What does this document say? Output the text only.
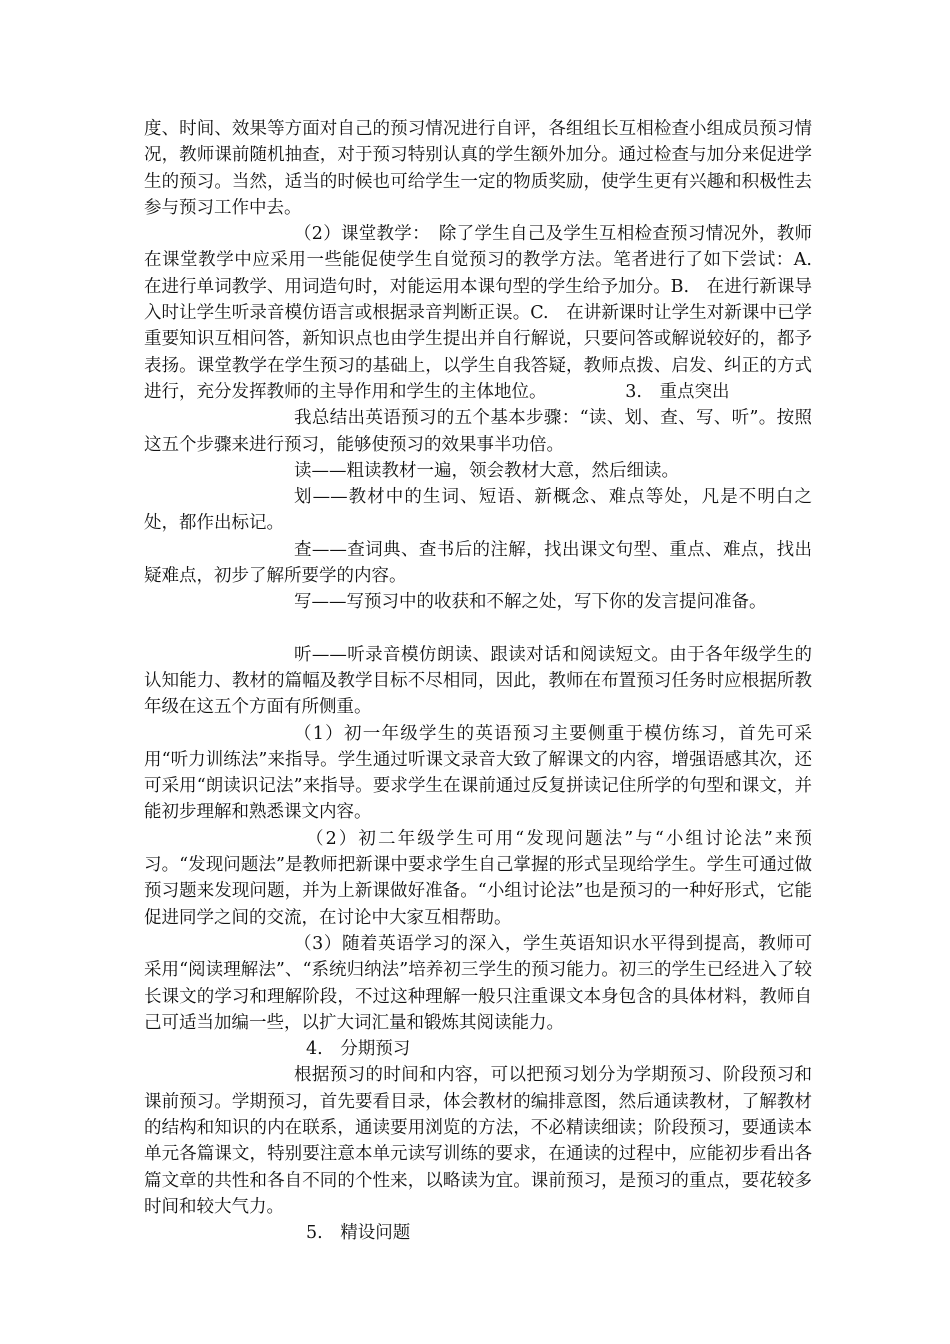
度、时间、效果等方面对自己的预习情况进行自评，各组组长互相检查小组成员预习情况，教师课前随机抽查，对于预习特别认真的学生额外加分。通过检查与加分来促进学生的预习。当然，适当的时候也可给学生一定的物质奖励，使学生更有兴趣和积极性去参与预习工作中去。

（2）课堂教学：　除了学生自己及学生互相检查预习情况外，教师在课堂教学中应采用一些能促使学生自觉预习的教学方法。笔者进行了如下尝试：A.　在进行单词教学、用词造句时，对能运用本课句型的学生给予加分。B.　在进行新课导入时让学生听录音模仿语言或根据录音判断正误。C.　在讲新课时让学生对新课中已学重要知识互相问答，新知识点也由学生提出并自行解说，只要问答或解说较好的，都予表扬。课堂教学在学生预习的基础上，以学生自我答疑，教师点拨、启发、纠正的方式进行，充分发挥教师的主导作用和学生的主体地位。　　　　　3.　重点突出

我总结出英语预习的五个基本步骤：“读、划、查、写、听”。按照这五个步骤来进行预习，能够使预习的效果事半功倍。

读——粗读教材一遍，领会教材大意，然后细读。

划——教材中的生词、短语、新概念、难点等处，凡是不明白之处，都作出标记。

查——查词典、查书后的注解，找出课文句型、重点、难点，找出疑难点，初步了解所要学的内容。

写——写预习中的收获和不解之处，写下你的发言提问准备。

听——听录音模仿朗读、跟读对话和阅读短文。由于各年级学生的认知能力、教材的篇幅及教学目标不尽相同，因此，教师在布置预习任务时应根据所教年级在这五个方面有所侧重。

（1）初一年级学生的英语预习主要侧重于模仿练习，首先可采用“听力训练法”来指导。学生通过听课文录音大致了解课文的内容，增强语感其次，还可采用“朗读识记法”来指导。要求学生在课前通过反复拼读记住所学的句型和课文，并能初步理解和熟悉课文内容。

（2）初二年级学生可用“发现问题法”与“小组讨论法”来预习。“发现问题法”是教师把新课中要求学生自己掌握的形式呈现给学生。学生可通过做预习题来发现问题，并为上新课做好准备。“小组讨论法”也是预习的一种好形式，它能促进同学之间的交流，在讨论中大家互相帮助。

（3）随着英语学习的深入，学生英语知识水平得到提高，教师可采用“阅读理解法”、“系统归纳法”培养初三学生的预习能力。初三的学生已经进入了较长课文的学习和理解阶段，不过这种理解一般只注重课文本身包含的具体材料，教师自己可适当加编一些，以扩大词汇量和锻炼其阅读能力。

4.　分期预习

根据预习的时间和内容，可以把预习划分为学期预习、阶段预习和课前预习。学期预习，首先要看目录，体会教材的编排意图，然后通读教材，了解教材的结构和知识的内在联系，通读要用浏览的方法，不必精读细读；阶段预习，要通读本单元各篇课文，特别要注意本单元读写训练的要求，在通读的过程中，应能初步看出各篇文章的共性和各自不同的个性来，以略读为宜。课前预习，是预习的重点，要花较多时间和较大气力。

5.　精设问题
